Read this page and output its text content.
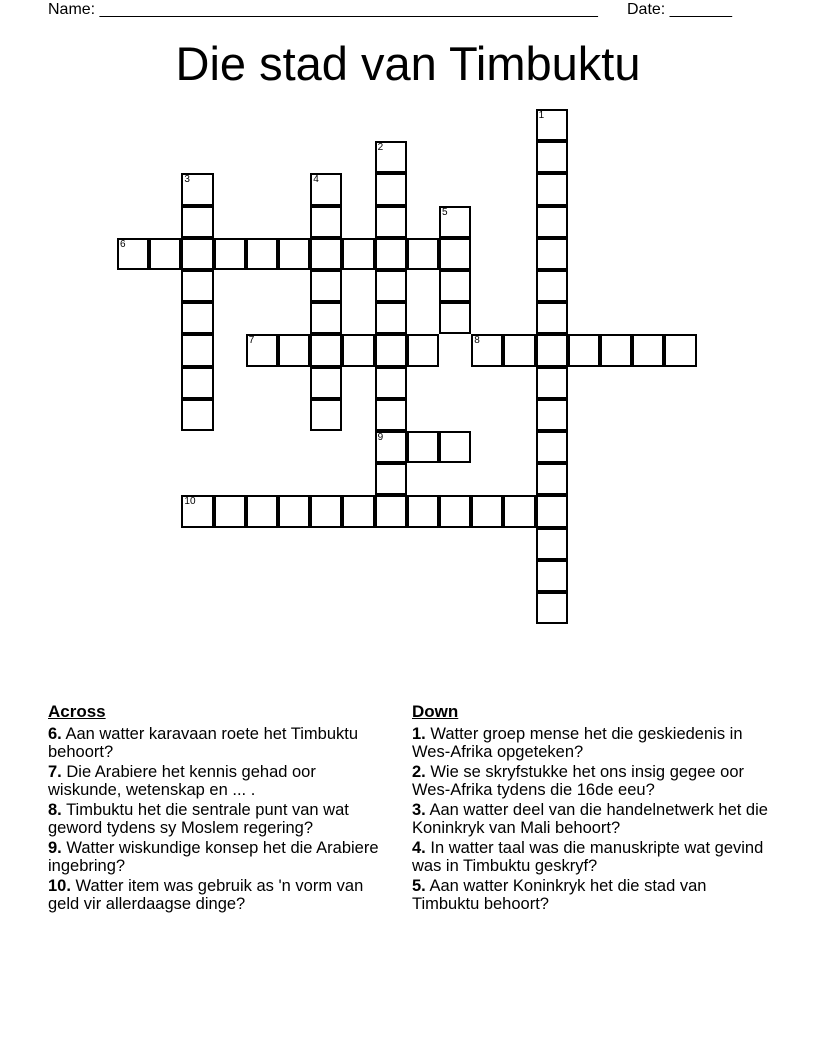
Name: ________________________________________________________ Date: _______
Die stad van Timbuktu
1
2
9
3	4
5
6
7	8
10
Across
6. Aan watter karavaan roete het Timbuktu behoort?
7. Die Arabiere het kennis gehad oor wiskunde, wetenskap en ... .
8. Timbuktu het die sentrale punt van wat geword tydens sy Moslem regering?
9. Watter wiskundige konsep het die Arabiere ingebring?
10. Watter item was gebruik as 'n vorm van geld vir allerdaagse dinge?
Down
1. Watter groep mense het die geskiedenis in Wes-Afrika opgeteken?
2. Wie se skryfstukke het ons insig gegee oor Wes-Afrika tydens die 16de eeu?
3. Aan watter deel van die handelnetwerk het die Koninkryk van Mali behoort?
4. In watter taal was die manuskripte wat gevind was in Timbuktu geskryf?
5. Aan watter Koninkryk het die stad van Timbuktu behoort?
